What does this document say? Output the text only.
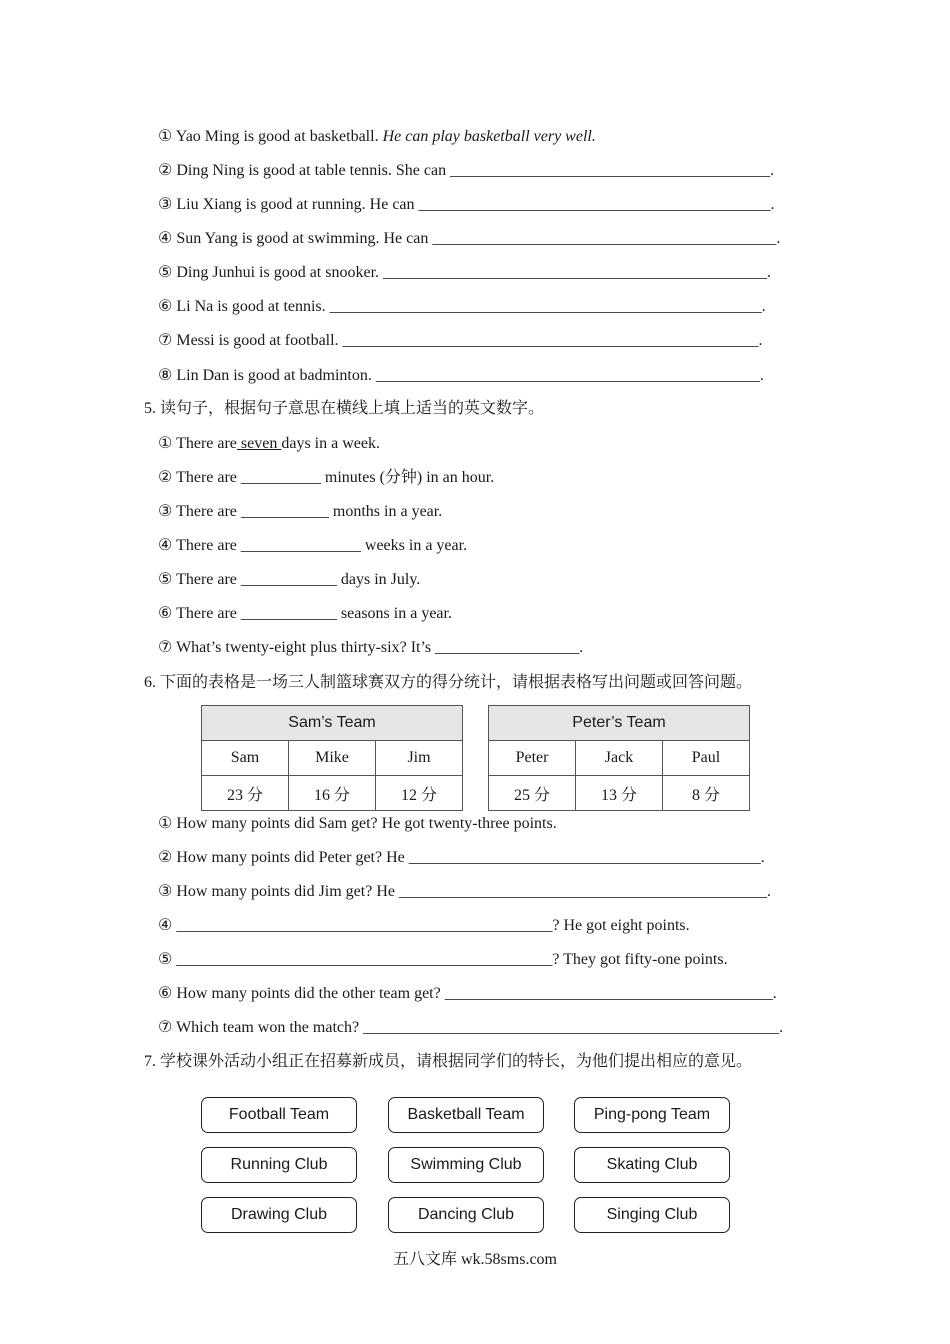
① Yao Ming is good at basketball. He can play basketball very well.
② Ding Ning is good at table tennis. She can ________________________________________.
③ Liu Xiang is good at running. He can ____________________________________________.
④ Sun Yang is good at swimming. He can ___________________________________________.
⑤ Ding Junhui is good at snooker. ________________________________________________.
⑥ Li Na is good at tennis. ______________________________________________________.
⑦ Messi is good at football. ____________________________________________________.
⑧ Lin Dan is good at badminton. ________________________________________________.
5. 读句子，根据句子意思在横线上填上适当的英文数字。
① There are seven days in a week.
② There are __________ minutes (分钟) in an hour.
③ There are ___________ months in a year.
④ There are _______________ weeks in a year.
⑤ There are ____________ days in July.
⑥ There are ____________ seasons in a year.
⑦ What’s twenty-eight plus thirty-six? It’s __________________.
6. 下面的表格是一场三人制篮球赛双方的得分统计，请根据表格写出问题或回答问题。
Sam’s Team		
Sam	Mike	Jim
23 分	16 分	12 分
Peter’s Team		
Peter	Jack	Paul
25 分	13 分	8 分
① How many points did Sam get? He got twenty-three points.
② How many points did Peter get? He ____________________________________________.
③ How many points did Jim get? He ______________________________________________.
④ _______________________________________________? He got eight points.
⑤ _______________________________________________? They got fifty-one points.
⑥ How many points did the other team get? _________________________________________.
⑦ Which team won the match? ____________________________________________________.
7. 学校课外活动小组正在招募新成员，请根据同学们的特长，为他们提出相应的意见。
Football Team	Basketball Team	Ping-pong Team
Running Club	Swimming Club	Skating Club
Drawing Club	Dancing Club	Singing Club
五八文库 wk.58sms.com
